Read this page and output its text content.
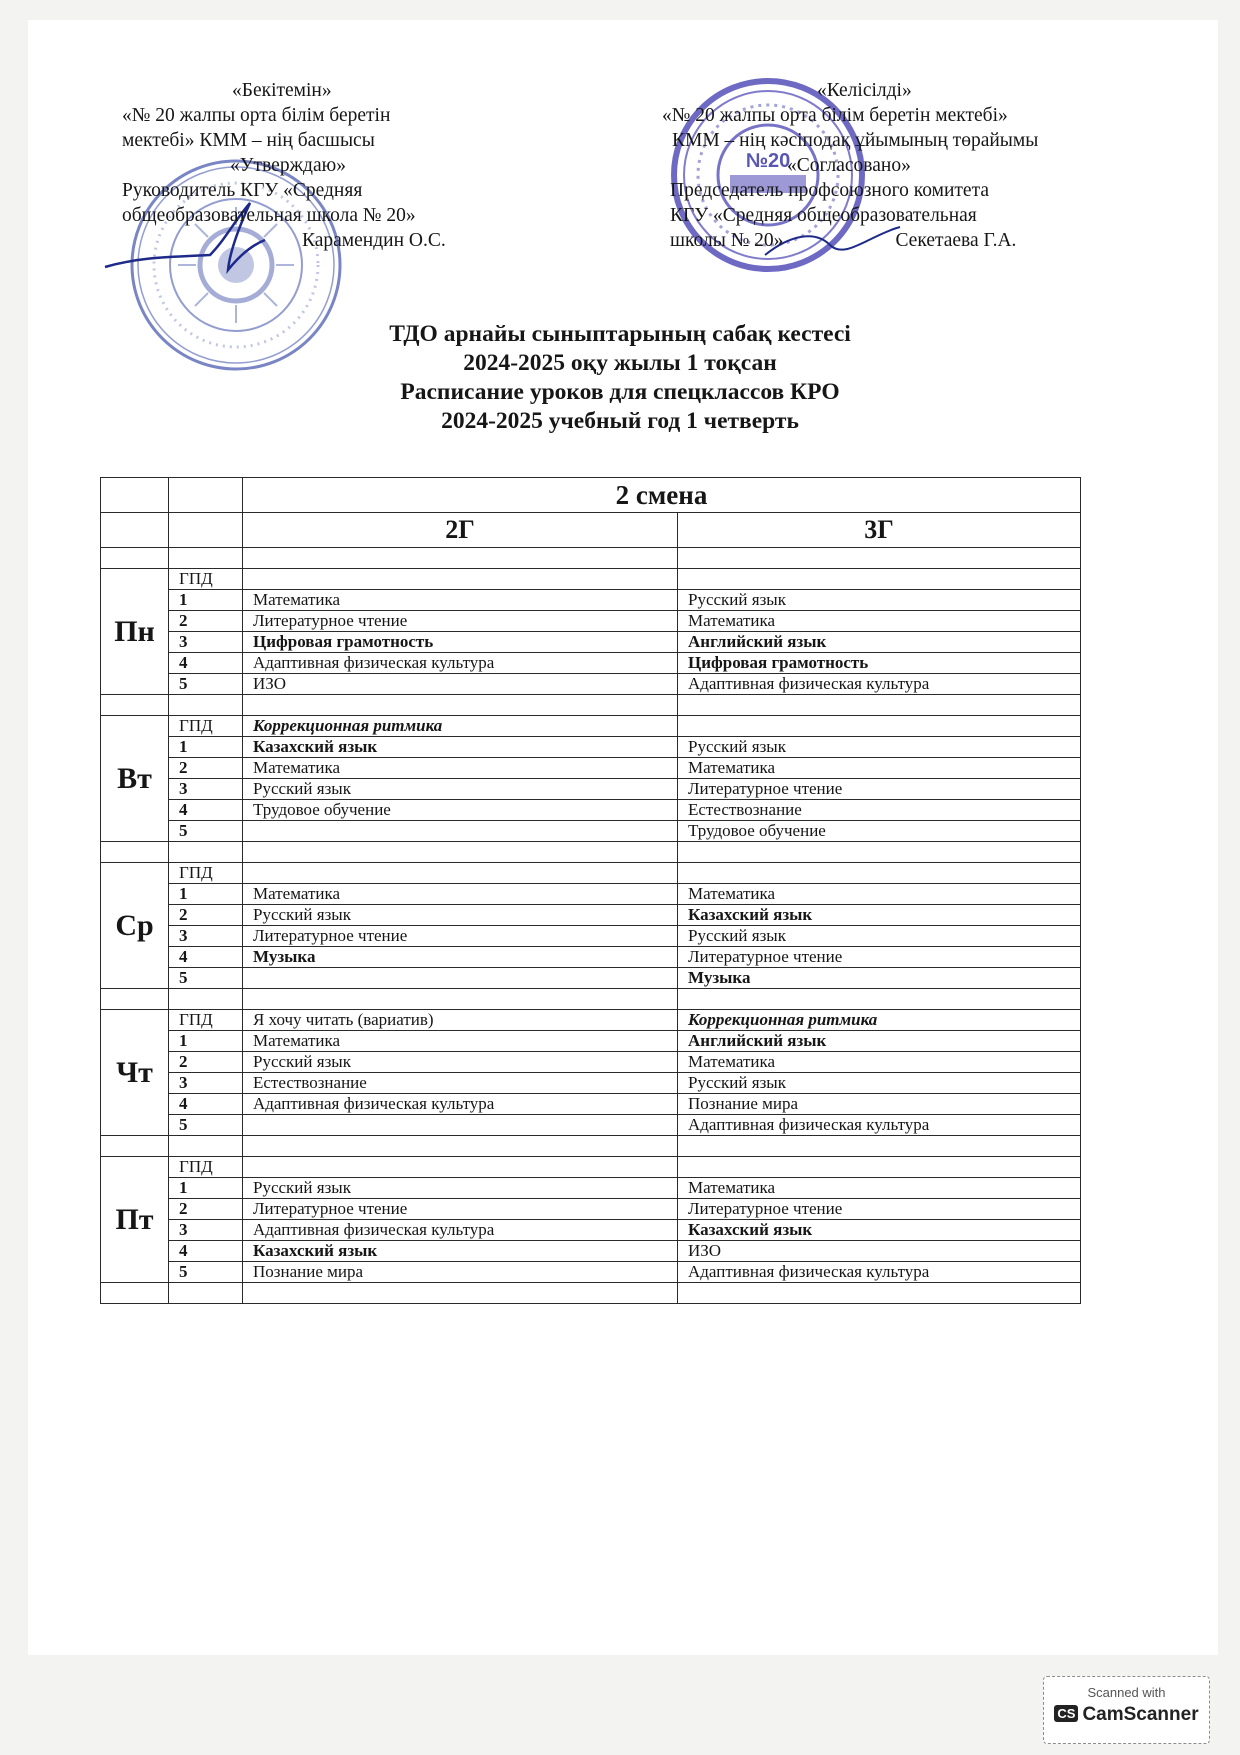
№20
«Бекітемін»
«№ 20 жалпы орта білім беретін
мектебі» КММ – нің басшысы
«Утверждаю»
Руководитель КГУ «Средняя
общеобразовательная школа № 20»
Карамендин О.С.
«Келісілді»
«№ 20 жалпы орта білім беретін мектебі»
КММ – нің кәсіподақ ұйымының төрайымы
«Согласовано»
Председатель профсоюзного комитета
КГУ «Средняя общеобразовательная
школы № 20»	Секетаева Г.А.
ТДО арнайы сыныптарының сабақ кестесі
2024-2025 оқу жылы 1 тоқсан
Расписание уроков для спецклассов КРО
2024-2025 учебный год 1 четверть
		2 смена	
		2Г	3Г

Пн	ГПД		
	1	Математика	Русский язык
	2	Литературное чтение	Математика
	3	Цифровая грамотность	Английский язык
	4	Адаптивная физическая культура	Цифровая грамотность
	5	ИЗО	Адаптивная физическая культура

Вт	ГПД	Коррекционная ритмика	
	1	Казахский язык	Русский язык
	2	Математика	Математика
	3	Русский язык	Литературное чтение
	4	Трудовое обучение	Естествознание
	5		Трудовое обучение

Ср	ГПД		
	1	Математика	Математика
	2	Русский язык	Казахский язык
	3	Литературное чтение	Русский язык
	4	Музыка	Литературное чтение
	5		Музыка

Чт	ГПД	Я хочу читать (вариатив)	Коррекционная ритмика
	1	Математика	Английский язык
	2	Русский язык	Математика
	3	Естествознание	Русский язык
	4	Адаптивная физическая культура	Познание мира
	5		Адаптивная физическая культура

Пт	ГПД		
	1	Русский язык	Математика
	2	Литературное чтение	Литературное чтение
	3	Адаптивная физическая культура	Казахский язык
	4	Казахский язык	ИЗО
	5	Познание мира	Адаптивная физическая культура

Scanned with
CS CamScanner
